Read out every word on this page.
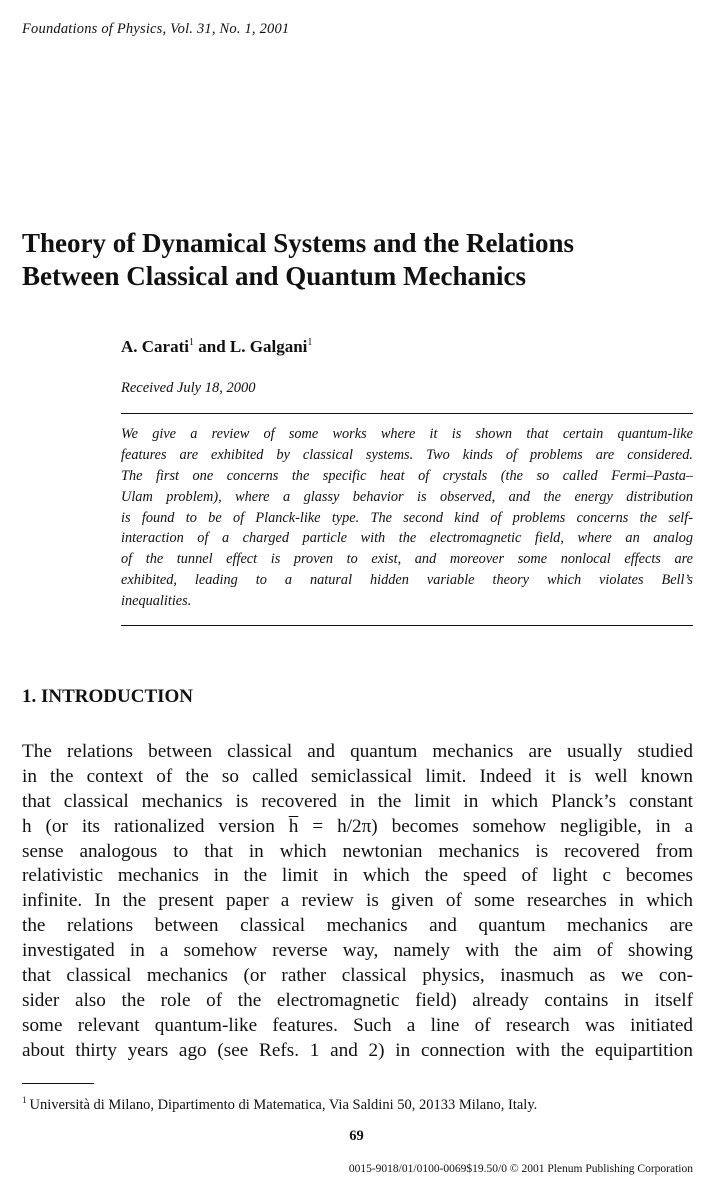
Foundations of Physics, Vol. 31, No. 1, 2001
Theory of Dynamical Systems and the Relations
Between Classical and Quantum Mechanics
A. Carati$^1$ and L. Galgani$^1$
Received July 18, 2000
We give a review of some works where it is shown that certain quantum-like
features are exhibited by classical systems. Two kinds of problems are considered.
The first one concerns the specific heat of crystals (the so called Fermi–Pasta–
Ulam problem), where a glassy behavior is observed, and the energy distribution
is found to be of Planck-like type. The second kind of problems concerns the self-
interaction of a charged particle with the electromagnetic field, where an analog
of the tunnel effect is proven to exist, and moreover some nonlocal effects are
exhibited, leading to a natural hidden variable theory which violates Bell’s
inequalities.
1. INTRODUCTION
The relations between classical and quantum mechanics are usually studied
in the context of the so called semiclassical limit. Indeed it is well known
that classical mechanics is recovered in the limit in which Planck’s constant
h (or its rationalized version h̅ = h/2π) becomes somehow negligible, in a
sense analogous to that in which newtonian mechanics is recovered from
relativistic mechanics in the limit in which the speed of light c becomes
infinite. In the present paper a review is given of some researches in which
the relations between classical mechanics and quantum mechanics are
investigated in a somehow reverse way, namely with the aim of showing
that classical mechanics (or rather classical physics, inasmuch as we con-
sider also the role of the electromagnetic field) already contains in itself
some relevant quantum-like features. Such a line of research was initiated
about thirty years ago (see Refs. 1 and 2) in connection with the equipartition
$^1$ Università di Milano, Dipartimento di Matematica, Via Saldini 50, 20133 Milano, Italy.
69
0015-9018/01/0100-0069$19.50/0 © 2001 Plenum Publishing Corporation
